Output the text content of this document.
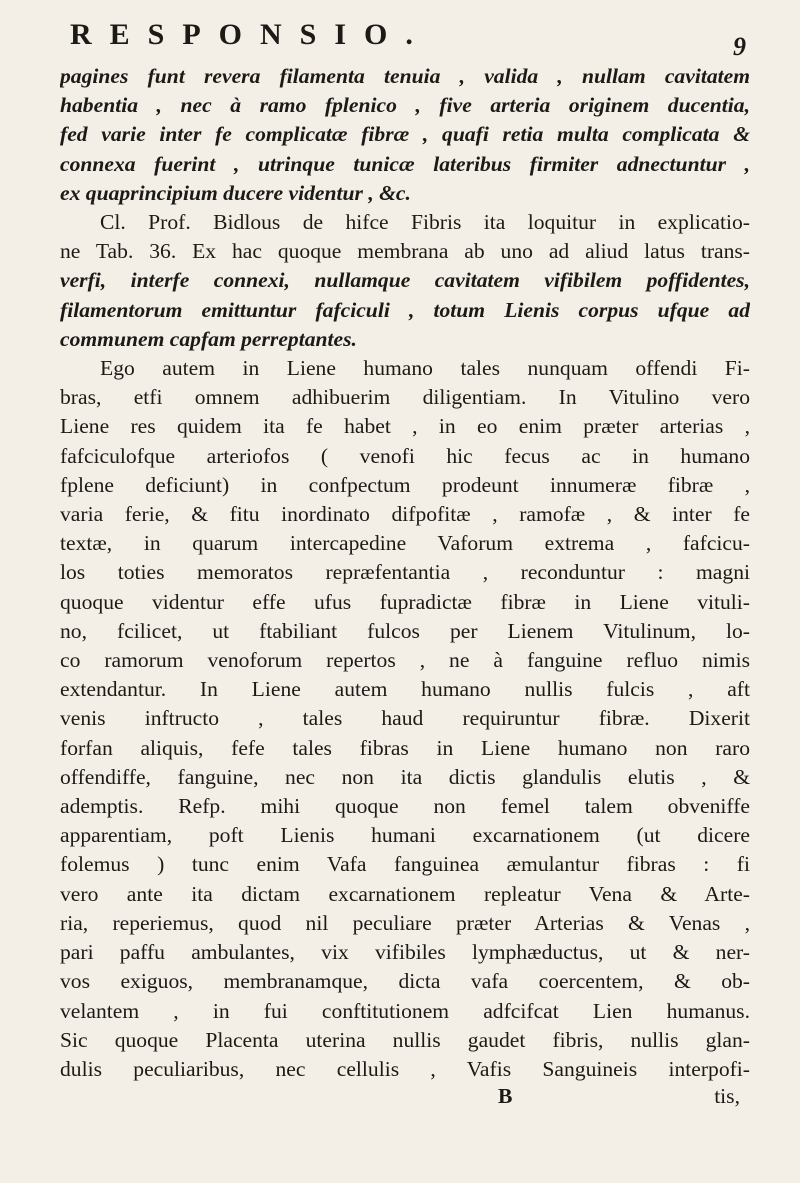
RESPONSIO.	9
pagines funt revera filamenta tenuia , valida , nullam cavitatem
habentia , nec à ramo fplenico , five arteria originem ducentia,
fed varie inter fe complicatæ fibræ , quafi retia multa complicata &
connexa fuerint , utrinque tunicæ lateribus firmiter adnectuntur ,
ex quaprincipium ducere videntur , &c.
Cl. Prof. Bidlous de hifce Fibris ita loquitur in explicatio-
ne Tab. 36. Ex hac quoque membrana ab uno ad aliud latus trans-
verfi, interfe connexi, nullamque cavitatem vifibilem poffidentes,
filamentorum emittuntur fafciculi , totum Lienis corpus ufque ad
communem capfam perreptantes.
Ego autem in Liene humano tales nunquam offendi Fi-
bras, etfi omnem adhibuerim diligentiam. In Vitulino vero
Liene res quidem ita fe habet , in eo enim præter arterias ,
fafciculofque arteriofos ( venofi hic fecus ac in humano
fplene deficiunt) in confpectum prodeunt innumeræ fibræ ,
varia ferie, & fitu inordinato difpofitæ , ramofæ , & inter fe
textæ, in quarum intercapedine Vaforum extrema , fafcicu-
los toties memoratos repræfentantia , reconduntur : magni
quoque videntur effe ufus fupradictæ fibræ in Liene vituli-
no, fcilicet, ut ftabiliant fulcos per Lienem Vitulinum, lo-
co ramorum venoforum repertos , ne à fanguine refluo nimis
extendantur. In Liene autem humano nullis fulcis , aft
venis inftructo , tales haud requiruntur fibræ. Dixerit
forfan aliquis, fefe tales fibras in Liene humano non raro
offendiffe, fanguine, nec non ita dictis glandulis elutis , &
ademptis. Refp. mihi quoque non femel talem obveniffe
apparentiam, poft Lienis humani excarnationem (ut dicere
folemus ) tunc enim Vafa fanguinea æmulantur fibras : fi
vero ante ita dictam excarnationem repleatur Vena & Arte-
ria, reperiemus, quod nil peculiare præter Arterias & Venas ,
pari paffu ambulantes, vix vifibiles lymphæductus, ut & ner-
vos exiguos, membranamque, dicta vafa coercentem, & ob-
velantem , in fui conftitutionem adfcifcat Lien humanus.
Sic quoque Placenta uterina nullis gaudet fibris, nullis glan-
dulis peculiaribus, nec cellulis , Vafis Sanguineis interpofi-
B	tis,
